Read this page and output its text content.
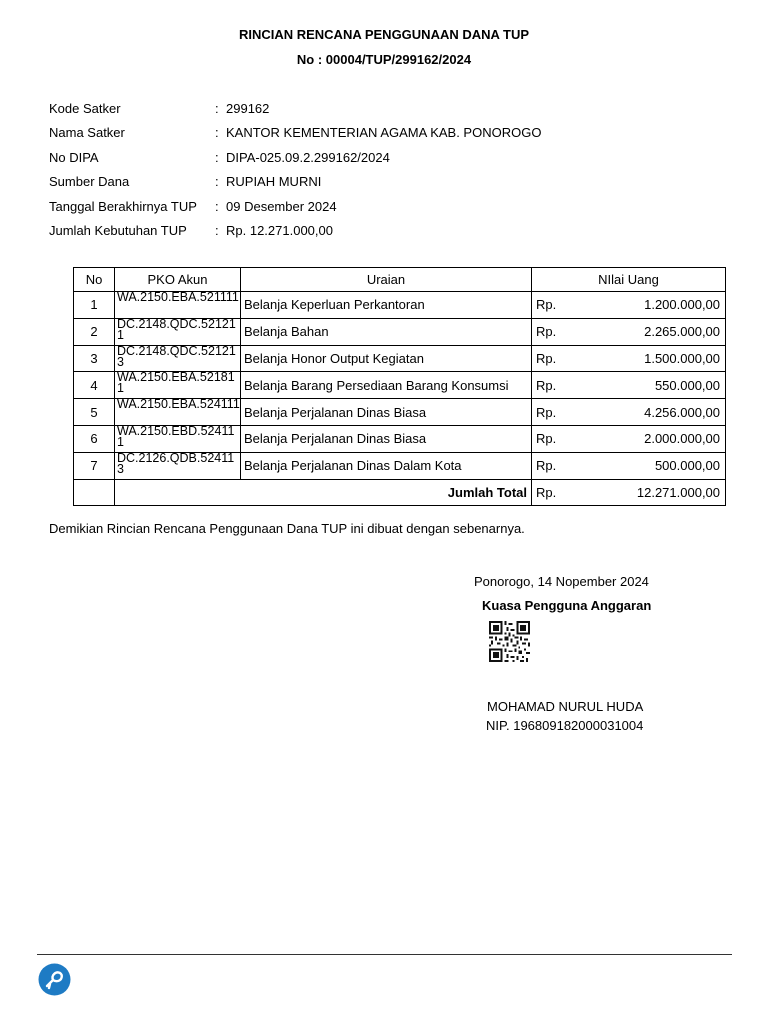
RINCIAN RENCANA PENGGUNAAN DANA TUP
No : 00004/TUP/299162/2024
Kode Satker	: 299162
Nama Satker	: KANTOR KEMENTERIAN AGAMA KAB. PONOROGO
No DIPA	: DIPA-025.09.2.299162/2024
Sumber Dana	: RUPIAH MURNI
Tanggal Berakhirnya TUP : 09 Desember 2024
Jumlah Kebutuhan TUP : Rp. 12.271.000,00
No	PKO Akun	Uraian	NIlai Uang	
1	WA.2150.EBA.521111	Belanja Keperluan Perkantoran	Rp.	1.200.000,00
2	DC.2148.QDC.521211	Belanja Bahan	Rp.	2.265.000,00
3	DC.2148.QDC.521213	Belanja Honor Output Kegiatan	Rp.	1.500.000,00
4	WA.2150.EBA.521811	Belanja Barang Persediaan Barang Konsumsi	Rp.	550.000,00
5	WA.2150.EBA.524111	Belanja Perjalanan Dinas Biasa	Rp.	4.256.000,00
6	WA.2150.EBD.524111	Belanja Perjalanan Dinas Biasa	Rp.	2.000.000,00
7	DC.2126.QDB.524113	Belanja Perjalanan Dinas Dalam Kota	Rp.	500.000,00
	Jumlah Total		Rp.	12.271.000,00
Demikian Rincian Rencana Penggunaan Dana TUP ini dibuat dengan sebenarnya.
Ponorogo, 14 Nopember 2024
Kuasa Pengguna Anggaran
MOHAMAD NURUL HUDA
NIP. 196809182000031004
